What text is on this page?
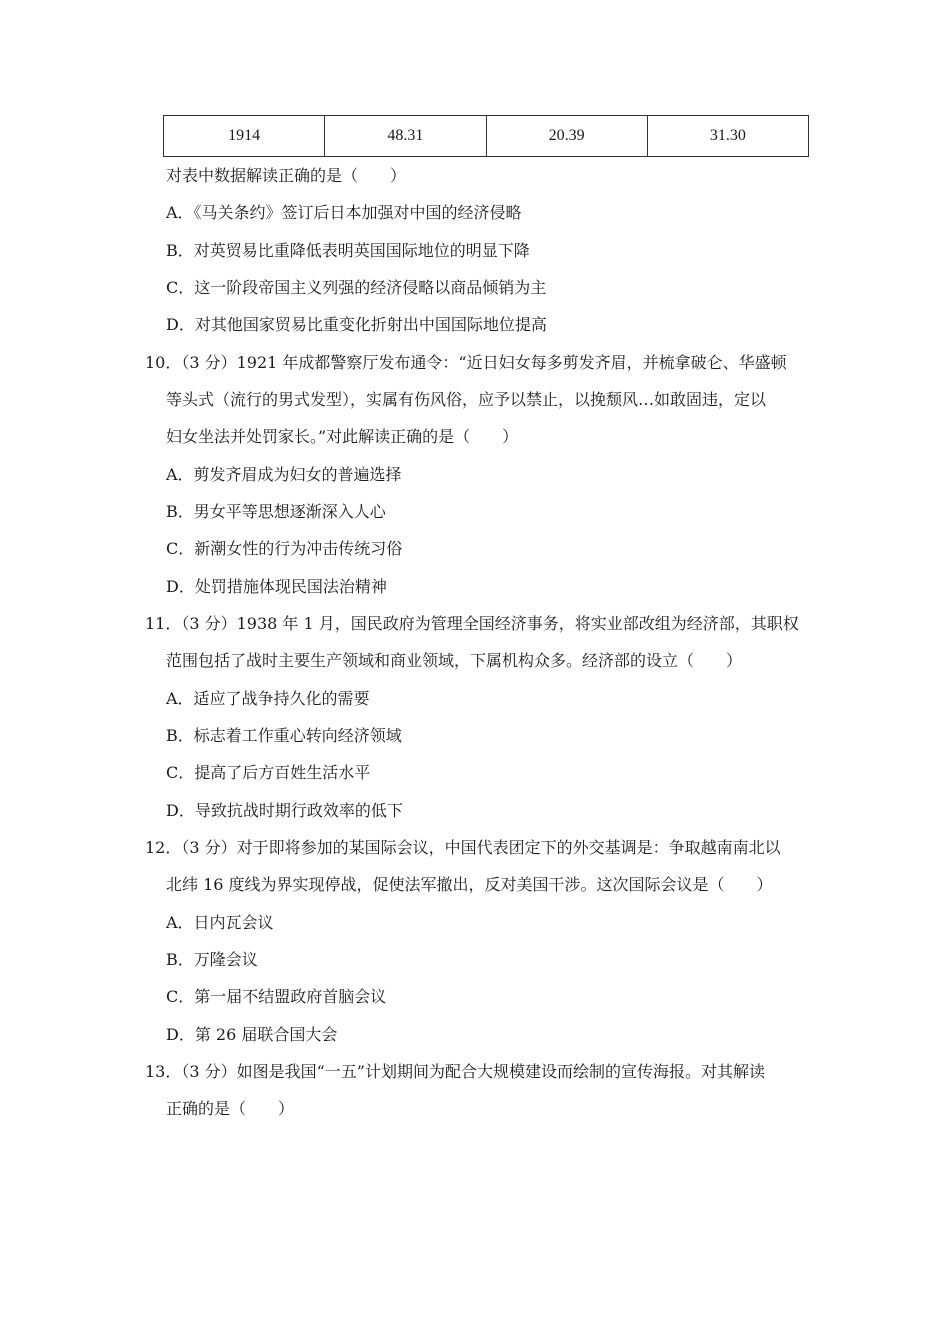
1914	48.31	20.39	31.30
对表中数据解读正确的是（　　）
A．《马关条约》签订后日本加强对中国的经济侵略
B．对英贸易比重降低表明英国国际地位的明显下降
C．这一阶段帝国主义列强的经济侵略以商品倾销为主
D．对其他国家贸易比重变化折射出中国国际地位提高
10．（3 分）1921 年成都警察厅发布通令：“近日妇女每多剪发齐眉，并梳拿破仑、华盛顿
等头式（流行的男式发型），实属有伤风俗，应予以禁止，以挽颓风…如敢固违，定以
妇女坐法并处罚家长。”对此解读正确的是（　　）
A．剪发齐眉成为妇女的普遍选择
B．男女平等思想逐渐深入人心
C．新潮女性的行为冲击传统习俗
D．处罚措施体现民国法治精神
11．（3 分）1938 年 1 月，国民政府为管理全国经济事务，将实业部改组为经济部，其职权
范围包括了战时主要生产领域和商业领域，下属机构众多。经济部的设立（　　）
A．适应了战争持久化的需要
B．标志着工作重心转向经济领域
C．提高了后方百姓生活水平
D．导致抗战时期行政效率的低下
12．（3 分）对于即将参加的某国际会议，中国代表团定下的外交基调是：争取越南南北以
北纬 16 度线为界实现停战，促使法军撤出，反对美国干涉。这次国际会议是（　　）
A．日内瓦会议
B．万隆会议
C．第一届不结盟政府首脑会议
D．第 26 届联合国大会
13．（3 分）如图是我国“一五”计划期间为配合大规模建设而绘制的宣传海报。对其解读
正确的是（　　）
